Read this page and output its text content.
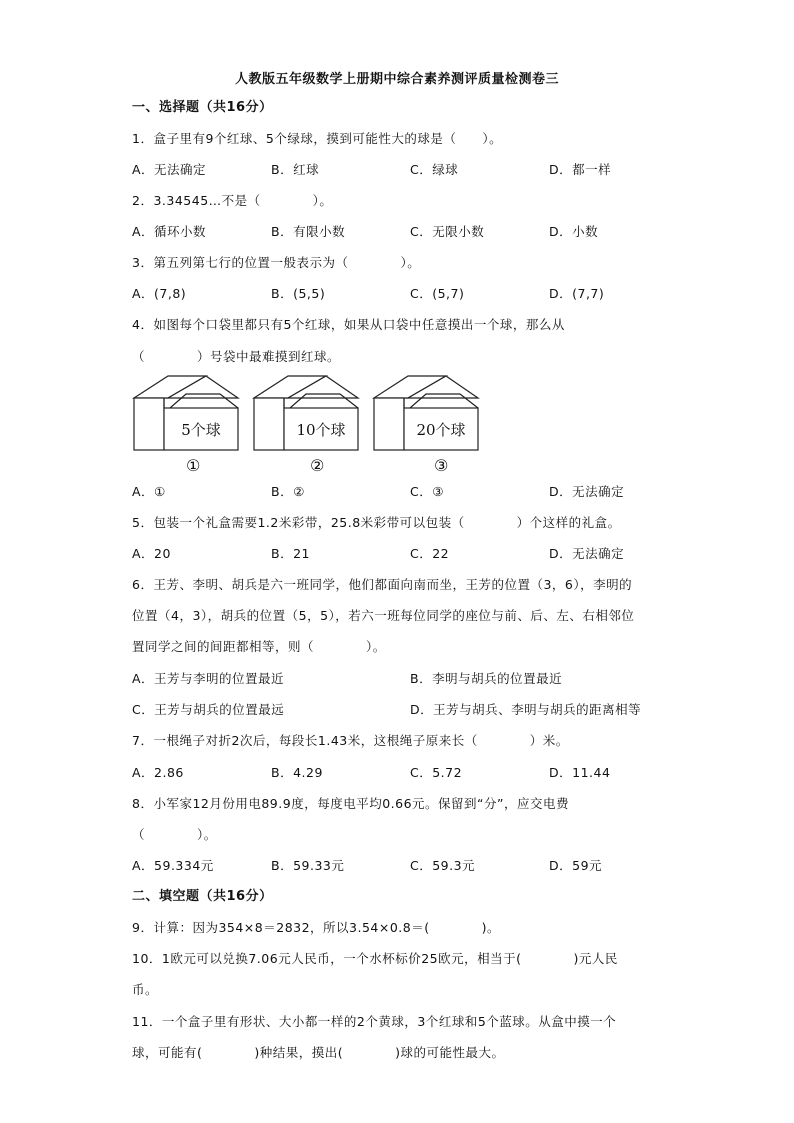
人教版五年级数学上册期中综合素养测评质量检测卷三
一、选择题（共16分）
1．盒子里有9个红球、5个绿球，摸到可能性大的球是（　　）。
A．无法确定	B．红球	C．绿球	D．都一样
2．3.34545…不是（　　　　）。
A．循环小数	B．有限小数	C．无限小数	D．小数
3．第五列第七行的位置一般表示为（　　　　）。
A．(7,8)	B．(5,5)	C．(5,7)	D．(7,7)
4．如图每个口袋里都只有5个红球，如果从口袋中任意摸出一个球，那么从
（　　　　）号袋中最难摸到红球。
5个球	10个球	20个球
①	②	③
A．①	B．②	C．③	D．无法确定
5．包装一个礼盒需要1.2米彩带，25.8米彩带可以包装（　　　　）个这样的礼盒。
A．20	B．21	C．22	D．无法确定
6．王芳、李明、胡兵是六一班同学，他们都面向南而坐，王芳的位置（3，6），李明的
位置（4，3），胡兵的位置（5，5），若六一班每位同学的座位与前、后、左、右相邻位
置同学之间的间距都相等，则（　　　　）。
A．王芳与李明的位置最近	B．李明与胡兵的位置最近
C．王芳与胡兵的位置最远	D．王芳与胡兵、李明与胡兵的距离相等
7．一根绳子对折2次后，每段长1.43米，这根绳子原来长（　　　　）米。
A．2.86	B．4.29	C．5.72	D．11.44
8．小军家12月份用电89.9度，每度电平均0.66元。保留到“分”，应交电费
（　　　　）。
A．59.334元	B．59.33元	C．59.3元	D．59元
二、填空题（共16分）
9．计算：因为354×8＝2832，所以3.54×0.8＝(　　　　)。
10．1欧元可以兑换7.06元人民币，一个水杯标价25欧元，相当于(　　　　)元人民
币。
11．一个盒子里有形状、大小都一样的2个黄球，3个红球和5个蓝球。从盒中摸一个
球，可能有(　　　　)种结果，摸出(　　　　)球的可能性最大。
